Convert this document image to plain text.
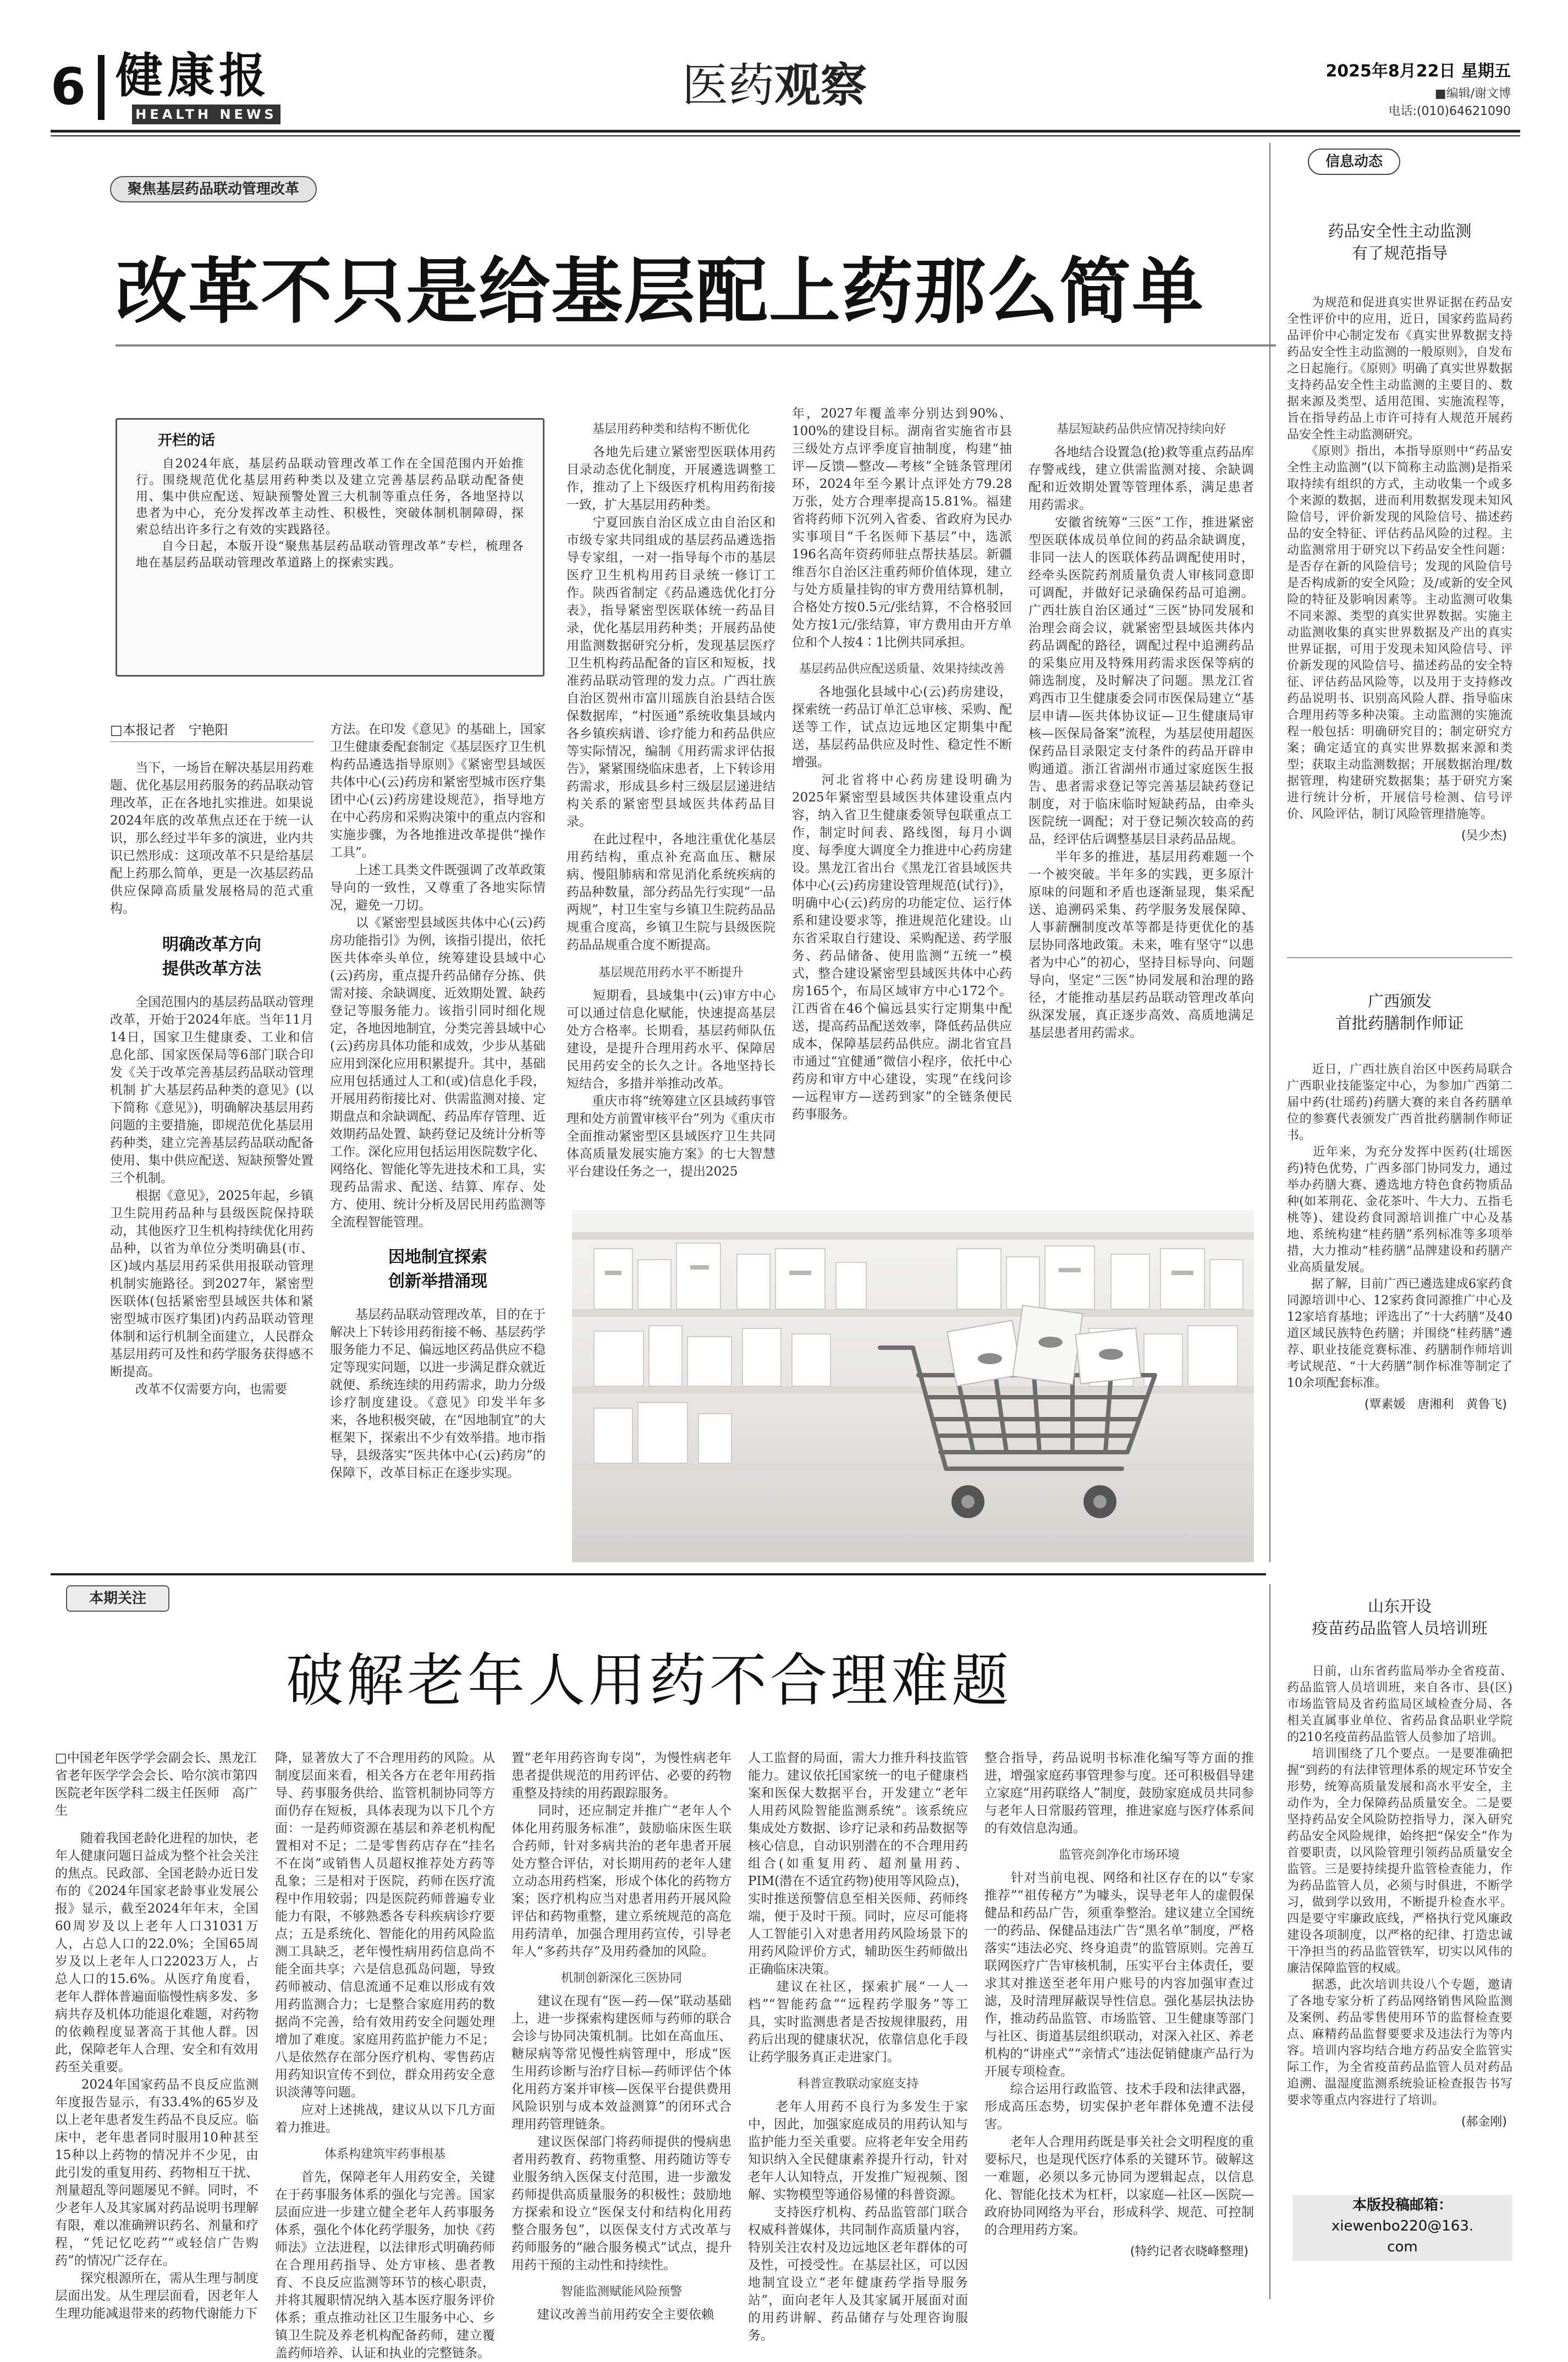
6 健康报
HEALTH NEWS
医药观察	2025年8月22日 星期五
■编辑/谢文博
电话:(010)64621090
聚焦基层药品联动管理改革
改革不只是给基层配上药那么简单
开栏的话

　　自2024年底，基层药品联动管理改革工作在全国范围内开始推行。围绕规范优化基层用药种类以及建立完善基层药品联动配备使用、集中供应配送、短缺预警处置三大机制等重点任务，各地坚持以患者为中心，充分发挥改革主动性、积极性，突破体制机制障碍，探索总结出许多行之有效的实践路径。
　　自今日起，本版开设“聚焦基层药品联动管理改革”专栏，梳理各地在基层药品联动管理改革道路上的探索实践。

□本报记者　宁艳阳

　　当下，一场旨在解决基层用药难题、优化基层用药服务的药品联动管理改革，正在各地扎实推进。如果说2024年底的改革焦点还在于统一认识，那么经过半年多的演进，业内共识已然形成：这项改革不只是给基层配上药那么简单，更是一次基层药品供应保障高质量发展格局的范式重构。

明确改革方向
提供改革方法

　　全国范围内的基层药品联动管理改革，开始于2024年底。当年11月14日，国家卫生健康委、工业和信息化部、国家医保局等6部门联合印发《关于改革完善基层药品联动管理机制 扩大基层药品种类的意见》(以下简称《意见》)，明确解决基层用药问题的主要措施，即规范优化基层用药种类，建立完善基层药品联动配备使用、集中供应配送、短缺预警处置三个机制。
　　根据《意见》，2025年起，乡镇卫生院用药品种与县级医院保持联动，其他医疗卫生机构持续优化用药品种，以省为单位分类明确县(市、区)域内基层用药采供用报联动管理机制实施路径。到2027年，紧密型医联体(包括紧密型县域医共体和紧密型城市医疗集团)内药品联动管理体制和运行机制全面建立，人民群众基层用药可及性和药学服务获得感不断提高。
　　改革不仅需要方向，也需要

方法。在印发《意见》的基础上，国家卫生健康委配套制定《基层医疗卫生机构药品遴选指导原则》《紧密型县域医共体中心(云)药房和紧密型城市医疗集团中心(云)药房建设规范》，指导地方在中心药房和采购决策中的重点内容和实施步骤，为各地推进改革提供“操作工具”。
　　上述工具类文件既强调了改革政策导向的一致性，又尊重了各地实际情况，避免一刀切。
　　以《紧密型县域医共体中心(云)药房功能指引》为例，该指引提出，依托医共体牵头单位，统筹建设县域中心(云)药房，重点提升药品储存分拣、供需对接、余缺调度、近效期处置、缺药登记等服务能力。该指引同时细化规定，各地因地制宜，分类完善县域中心(云)药房具体功能和成效，少步从基础应用到深化应用积累提升。其中，基础应用包括通过人工和(或)信息化手段，开展用药衔接比对、供需监测对接、定期盘点和余缺调配、药品库存管理、近效期药品处置、缺药登记及统计分析等工作。深化应用包括运用医院数字化、网络化、智能化等先进技术和工具，实现药品需求、配送、结算、库存、处方、使用、统计分析及居民用药监测等全流程智能管理。

因地制宜探索
创新举措涌现

　　基层药品联动管理改革，目的在于解决上下转诊用药衔接不畅、基层药学服务能力不足、偏远地区药品供应不稳定等现实问题，以进一步满足群众就近就便、系统连续的用药需求，助力分级诊疗制度建设。《意见》印发半年多来，各地积极突破，在“因地制宜”的大框架下，探索出不少有效举措。地市指导，县级落实“医共体中心(云)药房”的保障下，改革目标正在逐步实现。

基层用药种类和结构不断优化

　　各地先后建立紧密型医联体用药目录动态优化制度，开展遴选调整工作，推动了上下级医疗机构用药衔接一致，扩大基层用药种类。
　　宁夏回族自治区成立由自治区和市级专家共同组成的基层药品遴选指导专家组，一对一指导每个市的基层医疗卫生机构用药目录统一修订工作。陕西省制定《药品遴选优化打分表》，指导紧密型医联体统一药品目录，优化基层用药种类；开展药品使用监测数据研究分析，发现基层医疗卫生机构药品配备的盲区和短板，找准药品联动管理的发力点。广西壮族自治区贺州市富川瑶族自治县结合医保数据库，“村医通”系统收集县域内各乡镇疾病谱、诊疗能力和药品供应等实际情况，编制《用药需求评估报告》，紧紧围绕临床患者，上下转诊用药需求，形成县乡村三级层层递进结构关系的紧密型县域医共体药品目录。
　　在此过程中，各地注重优化基层用药结构，重点补充高血压、糖尿病、慢阻肺病和常见消化系统疾病的药品种数量，部分药品先行实现“一品两规”，村卫生室与乡镇卫生院药品品规重合度高，乡镇卫生院与县级医院药品品规重合度不断提高。

基层规范用药水平不断提升

　　短期看，县域集中(云)审方中心可以通过信息化赋能，快速提高基层处方合格率。长期看，基层药师队伍建设，是提升合理用药水平、保障居民用药安全的长久之计。各地坚持长短结合，多措并举推动改革。
　　重庆市将“统筹建立区县域药事管理和处方前置审核平台”列为《重庆市全面推动紧密型区县域医疗卫生共同体高质量发展实施方案》的七大智慧平台建设任务之一，提出2025

年，2027年覆盖率分别达到90%、100%的建设目标。湖南省实施省市县三级处方点评季度盲抽制度，构建“抽评—反馈—整改—考核”全链条管理闭环，2024年至今累计点评处方79.28万张，处方合理率提高15.81%。福建省将药师下沉列入省委、省政府为民办实事项目“千名医师下基层”中，选派196名高年资药师驻点帮扶基层。新疆维吾尔自治区注重药师价值体现，建立与处方质量挂钩的审方费用结算机制，合格处方按0.5元/张结算，不合格驳回处方按1元/张结算，审方费用由开方单位和个人按4∶1比例共同承担。

基层药品供应配送质量、效果持续改善

　　各地强化县域中心(云)药房建设，探索统一药品订单汇总审核、采购、配送等工作，试点边远地区定期集中配送，基层药品供应及时性、稳定性不断增强。
　　河北省将中心药房建设明确为2025年紧密型县域医共体建设重点内容，纳入省卫生健康委领导包联重点工作，制定时间表、路线图，每月小调度、每季度大调度全力推进中心药房建设。黑龙江省出台《黑龙江省县域医共体中心(云)药房建设管理规范(试行)》，明确中心(云)药房的功能定位、运行体系和建设要求等，推进规范化建设。山东省采取自行建设、采购配送、药学服务、药品储备、使用监测“五统一”模式，整合建设紧密型县域医共体中心药房165个，布局区域审方中心172个。江西省在46个偏远县实行定期集中配送，提高药品配送效率，降低药品供应成本，保障基层药品供应。湖北省宜昌市通过“宜健通”微信小程序，依托中心药房和审方中心建设，实现“在线问诊—远程审方—送药到家”的全链条便民药事服务。

基层短缺药品供应情况持续向好

　　各地结合设置急(抢)救等重点药品库存警戒线，建立供需监测对接、余缺调配和近效期处置等管理体系，满足患者用药需求。
　　安徽省统筹“三医”工作，推进紧密型医联体成员单位间的药品余缺调度，非同一法人的医联体药品调配使用时，经牵头医院药剂质量负责人审核同意即可调配，并做好记录确保药品可追溯。广西壮族自治区通过“三医”协同发展和治理会商会议，就紧密型县域医共体内药品调配的路径，调配过程中追溯药品的采集应用及特殊用药需求医保等病的筛选制度，及时解决了问题。黑龙江省鸡西市卫生健康委会同市医保局建立“基层申请—医共体协议证—卫生健康局审核—医保局备案”流程，为基层使用超医保药品目录限定支付条件的药品开辟申购通道。浙江省湖州市通过家庭医生报告、患者需求登记等完善基层缺药登记制度，对于临床临时短缺药品，由牵头医院统一调配；对于登记频次较高的药品，经评估后调整基层目录药品品规。
　　半年多的推进，基层用药难题一个一个被突破。半年多的实践，更多原汁原味的问题和矛盾也逐渐显现，集采配送、追溯码采集、药学服务发展保障、人事薪酬制度改革等都是待更优化的基层协同落地政策。未来，唯有坚守“以患者为中心”的初心，坚持目标导向、问题导向，坚定“三医”协同发展和治理的路径，才能推动基层药品联动管理改革向纵深发展，真正逐步高效、高质地满足基层患者用药需求。

信息动态

药品安全性主动监测
有了规范指导

　　为规范和促进真实世界证据在药品安全性评价中的应用，近日，国家药监局药品评价中心制定发布《真实世界数据支持药品安全性主动监测的一般原则》，自发布之日起施行。《原则》明确了真实世界数据支持药品安全性主动监测的主要目的、数据来源及类型、适用范围、实施流程等，旨在指导药品上市许可持有人规范开展药品安全性主动监测研究。
　　《原则》指出，本指导原则中“药品安全性主动监测”(以下简称主动监测)是指采取持续有组织的方式，主动收集一个或多个来源的数据，进而利用数据发现未知风险信号，评价新发现的风险信号、描述药品的安全特征、评估药品风险的过程。主动监测常用于研究以下药品安全性问题：是否存在新的风险信号；发现的风险信号是否构成新的安全风险；及/或新的安全风险的特征及影响因素等。主动监测可收集不同来源、类型的真实世界数据。实施主动监测收集的真实世界数据及产出的真实世界证据，可用于发现未知风险信号、评价新发现的风险信号、描述药品的安全特征、评估药品风险等，以及用于支持修改药品说明书、识别高风险人群、指导临床合理用药等多种决策。主动监测的实施流程一般包括：明确研究目的；制定研究方案；确定适宜的真实世界数据来源和类型；获取主动监测数据；开展数据治理/数据管理，构建研究数据集；基于研究方案进行统计分析，开展信号检测、信号评价、风险评估，制订风险管理措施等。

(吴少杰)

广西颁发
首批药膳制作师证

　　近日，广西壮族自治区中医药局联合广西职业技能鉴定中心，为参加广西第二届中药(壮瑶药)药膳大赛的来自各药膳单位的参赛代表颁发广西首批药膳制作师证书。
　　近年来，为充分发挥中医药(壮瑶医药)特色优势，广西多部门协同发力，通过举办药膳大赛、遴选地方特色食药物质品种(如苯荆花、金花茶叶、牛大力、五指毛桃等)、建设药食同源培训推广中心及基地、系统构建“桂药膳”系列标准等多项举措，大力推动“桂药膳”品牌建设和药膳产业高质量发展。
　　据了解，目前广西已遴选建成6家药食同源培训中心、12家药食同源推广中心及12家培育基地；评选出了“十大药膳”及40道区域民族特色药膳；并围绕“桂药膳”遴荐、职业技能竞赛标准、药膳制作师培训考试规范、“十大药膳”制作标准等制定了10余项配套标准。

(覃素媛　唐湘利　黄鲁飞)

山东开设
疫苗药品监管人员培训班

　　日前，山东省药监局举办全省疫苗、药品监管人员培训班，来自各市、县(区)市场监管局及省药监局区域检查分局、各相关直属事业单位、省药品食品职业学院的210名疫苗药品监管人员参加了培训。
　　培训围绕了几个要点。一是要准确把握“到药的有法律管理体系的规定环节安全形势，统筹高质量发展和高水平安全，主动作为，全力保障药品质量安全。二是要坚持药品安全风险防控指导力，深入研究药品安全风险规律，始终把“保安全”作为首要职责，以风险管理引领药品质量安全监管。三是要持续提升监管检查能力，作为药品监管人员，必须与时俱进，不断学习，做到学以致用，不断提升检查水平。四是要守牢廉政底线，严格执行党风廉政建设各项制度，以严格的纪律、打造忠诚干净担当的药品监管铁军，切实以风伟的廉洁保障监管的权威。
　　据悉，此次培训共设八个专题，邀请了各地专家分析了药品网络销售风险监测及案例、药品零售使用环节的监督检查要点、麻精药品监督要要求及违法行为等内容。培训内容均结合地方药品安全监管实际工作，为全省疫苗药品监管人员对药品追溯、温湿度监测系统验证检查报告书写要求等重点内容进行了培训。

(郝金刚)

本版投稿邮箱：
xiewenbo220@163.
com
本期关注
破解老年人用药不合理难题

□中国老年医学学会副会长、黑龙江省老年医学学会会长、哈尔滨市第四医院老年医学科二级主任医师　高广生

　　随着我国老龄化进程的加快，老年人健康问题日益成为整个社会关注的焦点。民政部、全国老龄办近日发布的《2024年国家老龄事业发展公报》显示，截至2024年年末，全国60周岁及以上老年人口31031万人，占总人口的22.0%；全国65周岁及以上老年人口22023万人，占总人口的15.6%。从医疗角度看，老年人群体普遍面临慢性病多发、多病共存及机体功能退化难题，对药物的依赖程度显著高于其他人群。因此，保障老年人合理、安全和有效用药至关重要。
　　2024年国家药品不良反应监测年度报告显示，有33.4%的65岁及以上老年患者发生药品不良反应。临床中，老年患者同时服用10种甚至15种以上药物的情况并不少见，由此引发的重复用药、药物相互干扰、剂量超乱等问题屡见不鲜。同时，不少老年人及其家属对药品说明书理解有限，难以准确辨识药名、剂量和疗程，“凭记忆吃药”“或轻信广告购药”的情况广泛存在。
　　探究根源所在，需从生理与制度层面出发。从生理层面看，因老年人生理功能减退带来的药物代谢能力下

降，显著放大了不合理用药的风险。从制度层面来看，相关各方在老年用药指导、药事服务供给、监管机制协同等方面仍存在短板，具体表现为以下几个方面：一是药师资源在基层和养老机构配置相对不足；二是零售药店存在“挂名不在岗”或销售人员超权推荐处方药等乱象；三是相对于医院，药师在医疗流程中作用较弱；四是医院药师普遍专业能力有限，不够熟悉各专科疾病诊疗要点；五是系统化、智能化的用药风险监测工具缺乏，老年慢性病用药信息尚不能全面共享；六是信息孤岛问题，导致药师被动、信息流通不足难以形成有效用药监测合力；七是整合家庭用药的数据尚不完善，给有效用药安全问题处理增加了难度。家庭用药监护能力不足；八是依然存在部分医疗机构、零售药店用药知识宣传不到位，群众用药安全意识淡薄等问题。
　　应对上述挑战，建议从以下几方面着力推进。

体系构建筑牢药事根基

　　首先，保障老年人用药安全，关键在于药事服务体系的强化与完善。国家层面应进一步建立健全老年人药事服务体系，强化个体化药学服务，加快《药师法》立法进程，以法律形式明确药师在合理用药指导、处方审核、患者教育、不良反应监测等环节的核心职责，并将其履职情况纳入基本医疗服务评价体系；重点推动社区卫生服务中心、乡镇卫生院及养老机构配备药师，建立覆盖药师培养、认证和执业的完整链条。

置“老年用药咨询专岗”，为慢性病老年患者提供规范的用药评估、必要的药物重整及持续的用药跟踪服务。
　　同时，还应制定并推广“老年人个体化用药服务标准”，鼓励临床医生联合药师，针对多病共治的老年患者开展处方整合评估，对长期用药的老年人建立动态用药档案，形成个体化的药物方案；医疗机构应当对患者用药开展风险评估和药物重整，建立系统规范的高危用药清单，加强合理用药宣传，引导老年人“多药共存”及用药叠加的风险。

机制创新深化三医协同

　　建议在现有“医—药—保”联动基础上，进一步探索构建医师与药师的联合会诊与协同决策机制。比如在高血压、糖尿病等常见慢性病管理中，形成“医生用药诊断与治疗目标—药师评估个体化用药方案并审核—医保平台提供费用风险识别与成本效益测算”的闭环式合理用药管理链条。
　　建议医保部门将药师提供的慢病患者用药教育、药物重整、用药随访等专业服务纳入医保支付范围，进一步激发药师提供高质量服务的积极性；鼓励地方探索和设立“医保支付和结构化用药整合服务包”，以医保支付方式改革与药师服务的“融合服务模式”试点，提升用药干预的主动性和持续性。

智能监测赋能风险预警

　　建议改善当前用药安全主要依赖

人工监督的局面，需大力推升科技监管能力。建议依托国家统一的电子健康档案和医保大数据平台，开发建立“老年人用药风险智能监测系统”。该系统应集成处方数据、诊疗记录和药品数据等核心信息，自动识别潜在的不合理用药组合(如重复用药、超剂量用药、PIM(潜在不适宜药物)使用等风险点)，实时推送预警信息至相关医师、药师终端，便于及时干预。同时，应尽可能将人工智能引入对患者用药风险场景下的用药风险评价方式，辅助医生药师做出正确临床决策。
　　建议在社区，探索扩展“一人一档”“智能药盒”“远程药学服务”等工具，实时监测患者是否按规律服药，用药后出现的健康状况，依靠信息化手段让药学服务真正走进家门。

科普宣教联动家庭支持

　　老年人用药不良行为多发生于家中，因此，加强家庭成员的用药认知与监护能力至关重要。应将老年安全用药知识纳入全民健康素养提升行动，针对老年人认知特点，开发推广短视频、图解、实物模型等通俗易懂的科普资源。
　　支持医疗机构、药品监管部门联合权威科普媒体，共同制作高质量内容，特别关注农村及边远地区老年群体的可及性，可授受性。在基层社区，可以因地制宜设立“老年健康药学指导服务站”，面向老年人及其家属开展面对面的用药讲解、药品储存与处理咨询服务。

整合指导，药品说明书标准化编写等方面的推进，增强家庭药事管理参与度。还可积极倡导建立家庭“用药联络人”制度，鼓励家庭成员共同参与老年人日常服药管理，推进家庭与医疗体系间的有效信息沟通。

监管亮剑净化市场环境

　　针对当前电视、网络和社区存在的以“专家推荐”“祖传秘方”为噱头，误导老年人的虚假保健品和药品广告，须重拳整治。建议建立全国统一的药品、保健品违法广告“黑名单”制度，严格落实“违法必究、终身追责”的监管原则。完善互联网医疗广告审核机制，压实平台主体责任，要求其对推送至老年用户账号的内容加强审查过滤，及时清理屏蔽误导性信息。强化基层执法协作，推动药品监管、市场监管、卫生健康等部门与社区、街道基层组织联动，对深入社区、养老机构的“讲座式”“亲情式”违法促销健康产品行为开展专项检查。
　　综合运用行政监管、技术手段和法律武器，形成高压态势，切实保护老年群体免遭不法侵害。
　　老年人合理用药既是事关社会文明程度的重要标尺，也是现代医疗体系的关键环节。破解这一难题，必须以多元协同为逻辑起点，以信息化、智能化技术为杠杆，以家庭—社区—医院—政府协同网络为平台，形成科学、规范、可控制的合理用药方案。

(特约记者衣晓峰整理)
